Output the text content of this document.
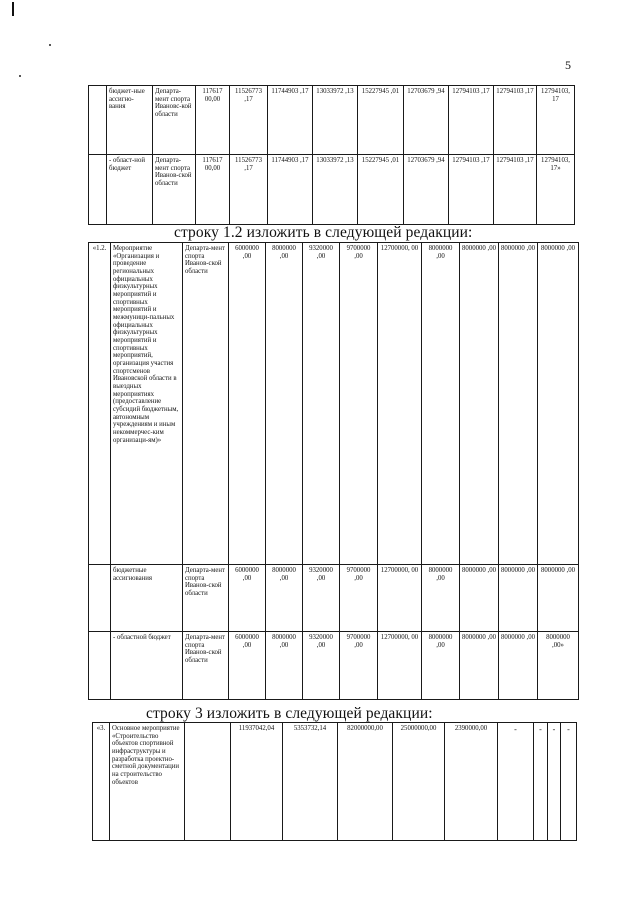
5
	бюджет-ные ассигно-вания	Департа-мент спорта Ивановс-кой области	117617 00,00	11526773 ,17	11744903 ,17	13033972 ,13	15227945 ,01	12703679 ,94	12794103 ,17	12794103 ,17	12794103, 17
	- област-ной бюджет	Департа-мент спорта Иванов-ской области	117617 00,00	11526773 ,17	11744903 ,17	13033972 ,13	15227945 ,01	12703679 ,94	12794103 ,17	12794103 ,17	12794103, 17»
строку 1.2 изложить в следующей редакции:
«1.2.	Мероприятие «Организация и проведение региональных официальных физкультурных мероприятий и спортивных мероприятий и межмуници-пальных официальных физкультурных мероприятий и спортивных мероприятий, организация участия спортсменов Ивановской области в выездных мероприятиях (предоставление субсидий бюджетным, автономным учреждениям и иным некоммерчес-ким организаци-ям)»	Департа-мент спорта Иванов-ской области	6000000 ,00	8000000 ,00	9320000 ,00	9700000 ,00	12700000, 00	8000000 ,00	8000000 ,00	8000000 ,00	8000000 ,00
	бюджетные ассигнования	Департа-мент спорта Иванов-ской области	6000000 ,00	8000000 ,00	9320000 ,00	9700000 ,00	12700000, 00	8000000 ,00	8000000 ,00	8000000 ,00	8000000 ,00
	- областной бюджет	Департа-мент спорта Иванов-ской области	6000000 ,00	8000000 ,00	9320000 ,00	9700000 ,00	12700000, 00	8000000 ,00	8000000 ,00	8000000 ,00	8000000 ,00»
строку 3 изложить в следующей редакции:
«3.	Основное мероприятие «Строительство объектов спортивной инфраструктуры и разработка проектно-сметной документации на строительство объектов		11937042,04	5353732,14	82000000,00	25000000,00	2390000,00	-	-	-	-
